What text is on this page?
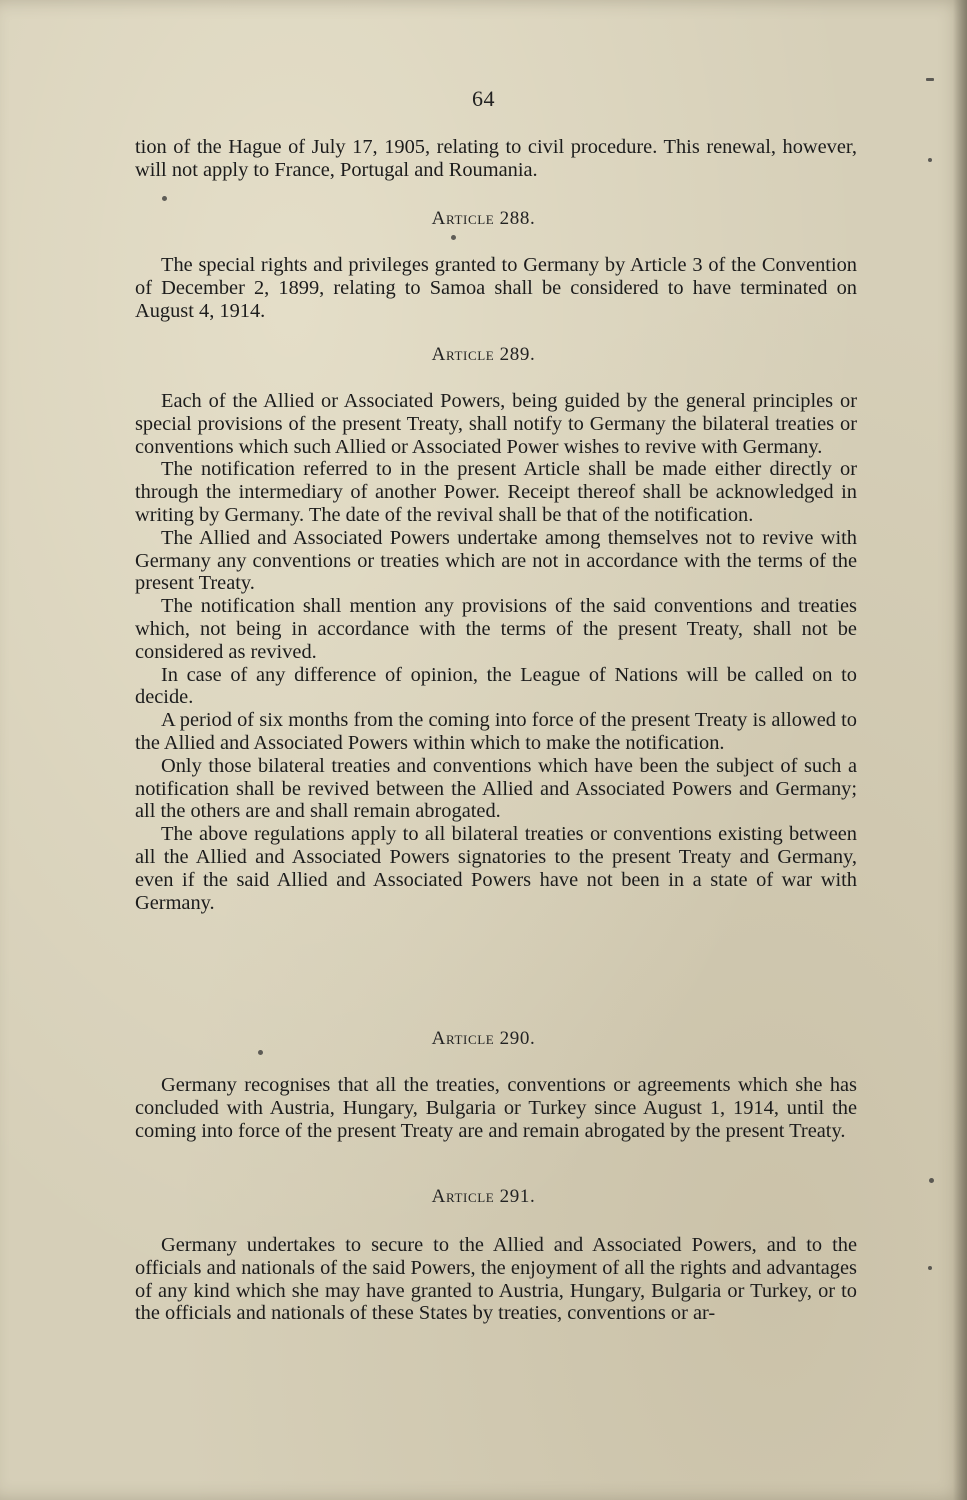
64

tion of the Hague of July 17, 1905, relating to civil procedure. This renewal, however, will not apply to France, Portugal and Roumania.

Article 288.

The special rights and privileges granted to Germany by Article 3 of the Convention of December 2, 1899, relating to Samoa shall be considered to have terminated on August 4, 1914.

Article 289.

Each of the Allied or Associated Powers, being guided by the general principles or special provisions of the present Treaty, shall notify to Germany the bilateral treaties or conventions which such Allied or Associated Power wishes to revive with Germany.

The notification referred to in the present Article shall be made either directly or through the intermediary of another Power. Receipt thereof shall be acknowledged in writing by Germany. The date of the revival shall be that of the notification.

The Allied and Associated Powers undertake among themselves not to revive with Germany any conventions or treaties which are not in accordance with the terms of the present Treaty.

The notification shall mention any provisions of the said conventions and treaties which, not being in accordance with the terms of the present Treaty, shall not be considered as revived.

In case of any difference of opinion, the League of Nations will be called on to decide.

A period of six months from the coming into force of the present Treaty is allowed to the Allied and Associated Powers within which to make the notification.

Only those bilateral treaties and conventions which have been the subject of such a notification shall be revived between the Allied and Associated Powers and Germany; all the others are and shall remain abrogated.

The above regulations apply to all bilateral treaties or conventions existing between all the Allied and Associated Powers signatories to the present Treaty and Germany, even if the said Allied and Associated Powers have not been in a state of war with Germany.

Article 290.

Germany recognises that all the treaties, conventions or agreements which she has concluded with Austria, Hungary, Bulgaria or Turkey since August 1, 1914, until the coming into force of the present Treaty are and remain abrogated by the present Treaty.

Article 291.

Germany undertakes to secure to the Allied and Associated Powers, and to the officials and nationals of the said Powers, the enjoyment of all the rights and advantages of any kind which she may have granted to Austria, Hungary, Bulgaria or Turkey, or to the officials and nationals of these States by treaties, conventions or ar-
